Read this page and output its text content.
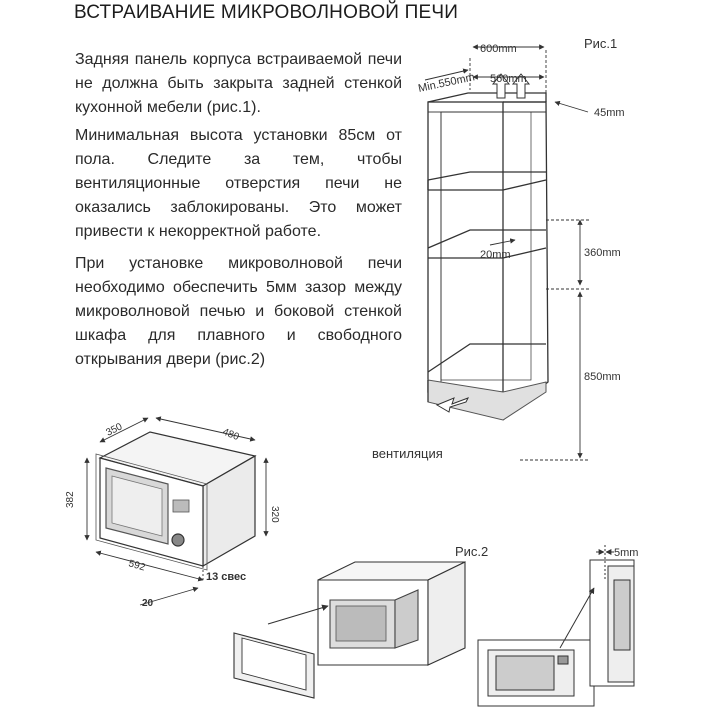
ВСТРАИВАНИЕ МИКРОВОЛНОВОЙ ПЕЧИ

Задняя панель корпуса встраиваемой печи не должна быть закрыта задней стенкой кухонной мебели (рис.1).

Минимальная высота установки 85см от пола. Следите за тем, чтобы вентиляционные отверстия печи не оказались заблокированы. Это может привести к некорректной работе.

При установке микроволновой печи необходимо обеспечить 5мм зазор между микроволновой печью и боковой стенкой шкафа для плавного и свободного открывания двери (рис.2)

Рис.1
600mm
Min.550mm 560mm
45mm
20mm	360mm
850mm
вентиляция
350	480
382
320
592
13 свес
20
Рис.2	5mm
